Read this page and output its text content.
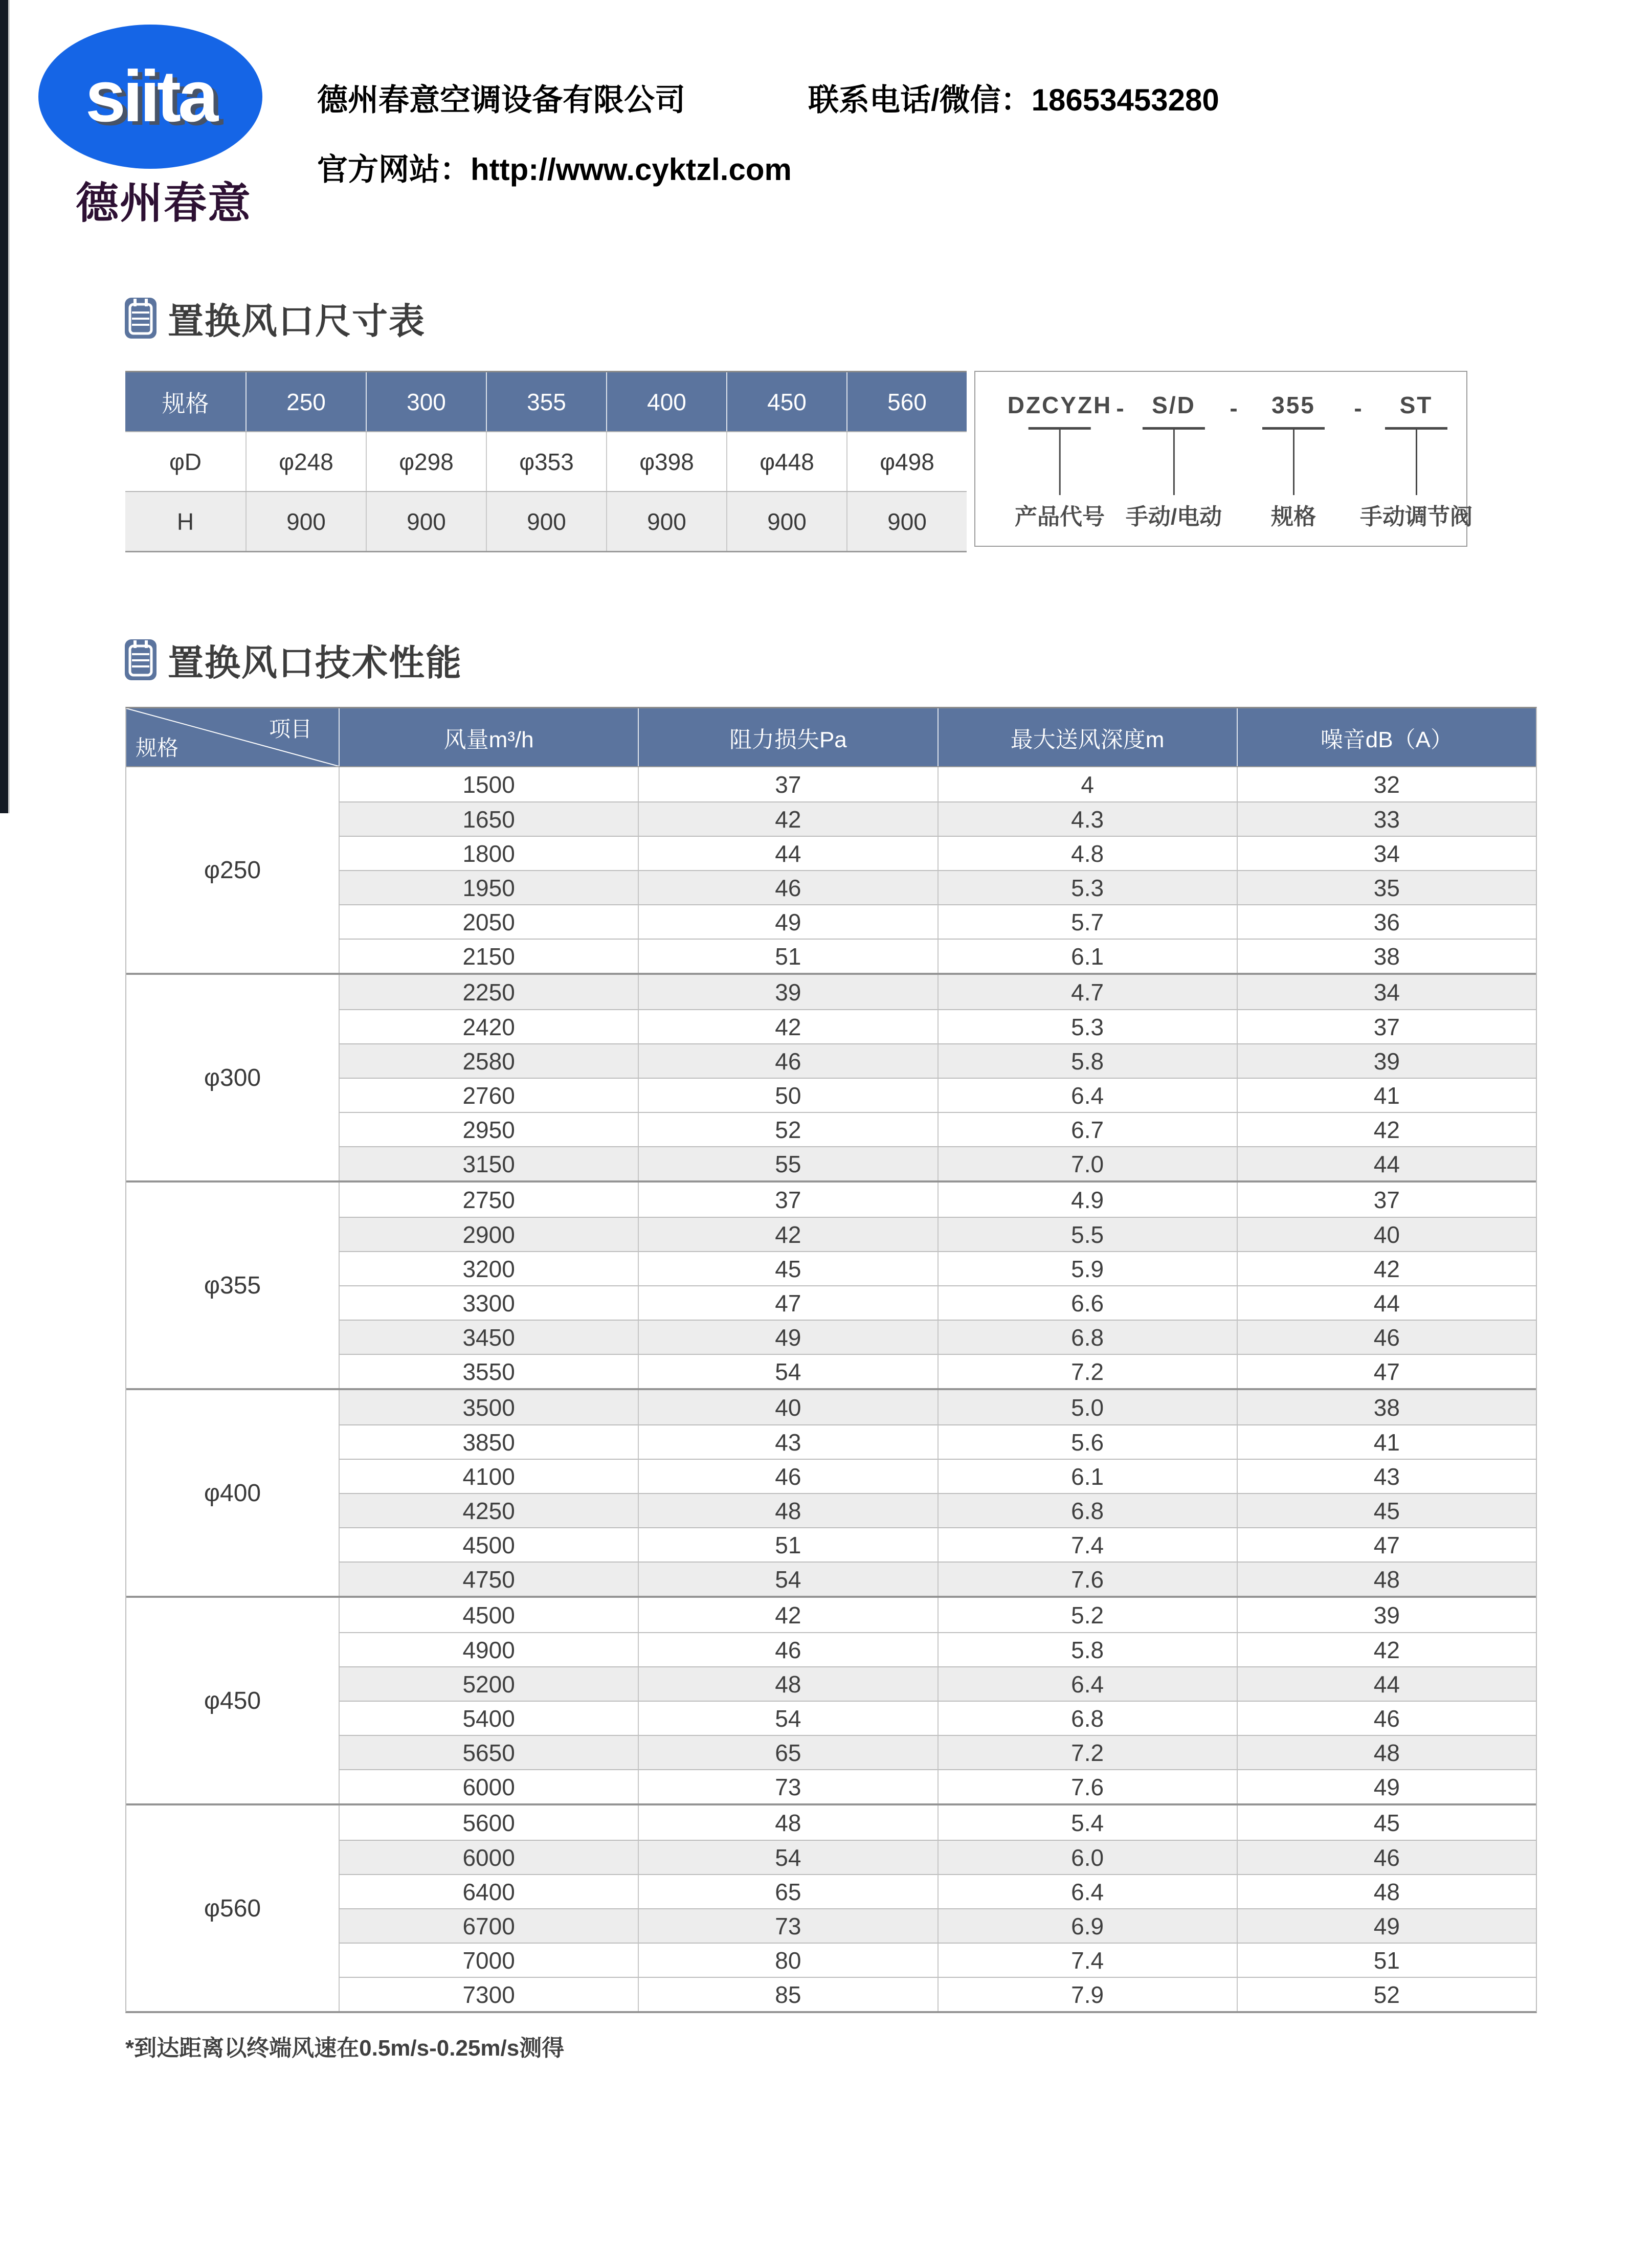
siita
德州春意
德州春意空调设备有限公司	联系电话/微信：18653453280
官方网站：http://www.cyktzl.com
置换风口尺寸表
规格	250	300	355	400	450	560
φD	φ248	φ298	φ353	φ398	φ448	φ498
H	900	900	900	900	900	900
DZCYZH
产品代号
S/D
手动/电动
355
规格
ST
手动调节阀
-	-	-
置换风口技术性能
项目
规格	风量m³/h	阻力损失Pa	最大送风深度m	噪音dB（A）
φ250
1500	37	4	32
1650	42	4.3	33
1800	44	4.8	34
1950	46	5.3	35
2050	49	5.7	36
2150	51	6.1	38
φ300
2250	39	4.7	34
2420	42	5.3	37
2580	46	5.8	39
2760	50	6.4	41
2950	52	6.7	42
3150	55	7.0	44
φ355
2750	37	4.9	37
2900	42	5.5	40
3200	45	5.9	42
3300	47	6.6	44
3450	49	6.8	46
3550	54	7.2	47
φ400
3500	40	5.0	38
3850	43	5.6	41
4100	46	6.1	43
4250	48	6.8	45
4500	51	7.4	47
4750	54	7.6	48
φ450
4500	42	5.2	39
4900	46	5.8	42
5200	48	6.4	44
5400	54	6.8	46
5650	65	7.2	48
6000	73	7.6	49
φ560
5600	48	5.4	45
6000	54	6.0	46
6400	65	6.4	48
6700	73	6.9	49
7000	80	7.4	51
7300	85	7.9	52
*到达距离以终端风速在0.5m/s-0.25m/s测得
